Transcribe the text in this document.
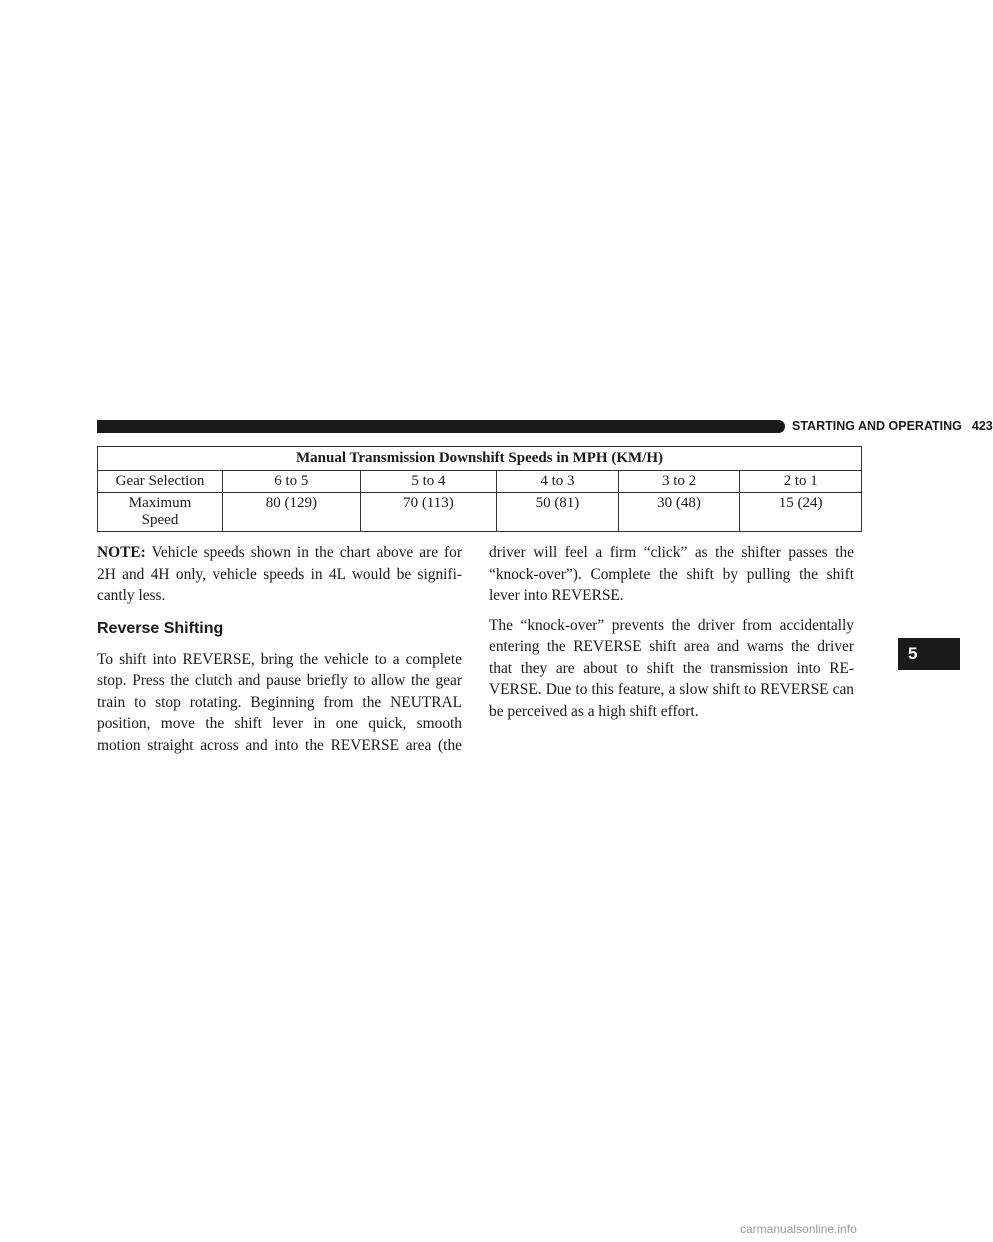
STARTING AND OPERATING 423
5
Manual Transmission Downshift Speeds in MPH (KM/H)					
Gear Selection	6 to 5	5 to 4	4 to 3	3 to 2	2 to 1
Maximum
Speed	80 (129)	70 (113)	50 (81)	30 (48)	15 (24)

NOTE: Vehicle speeds shown in the chart above are for
2H and 4H only, vehicle speeds in 4L would be signifi-
cantly less.

Reverse Shifting

To shift into REVERSE, bring the vehicle to a complete
stop. Press the clutch and pause briefly to allow the gear
train to stop rotating. Beginning from the NEUTRAL
position, move the shift lever in one quick, smooth
motion straight across and into the REVERSE area (the

driver will feel a firm “click” as the shifter passes the
“knock-over”). Complete the shift by pulling the shift
lever into REVERSE.

The “knock-over” prevents the driver from accidentally
entering the REVERSE shift area and warns the driver
that they are about to shift the transmission into RE-
VERSE. Due to this feature, a slow shift to REVERSE can
be perceived as a high shift effort.

carmanualsonline.info
